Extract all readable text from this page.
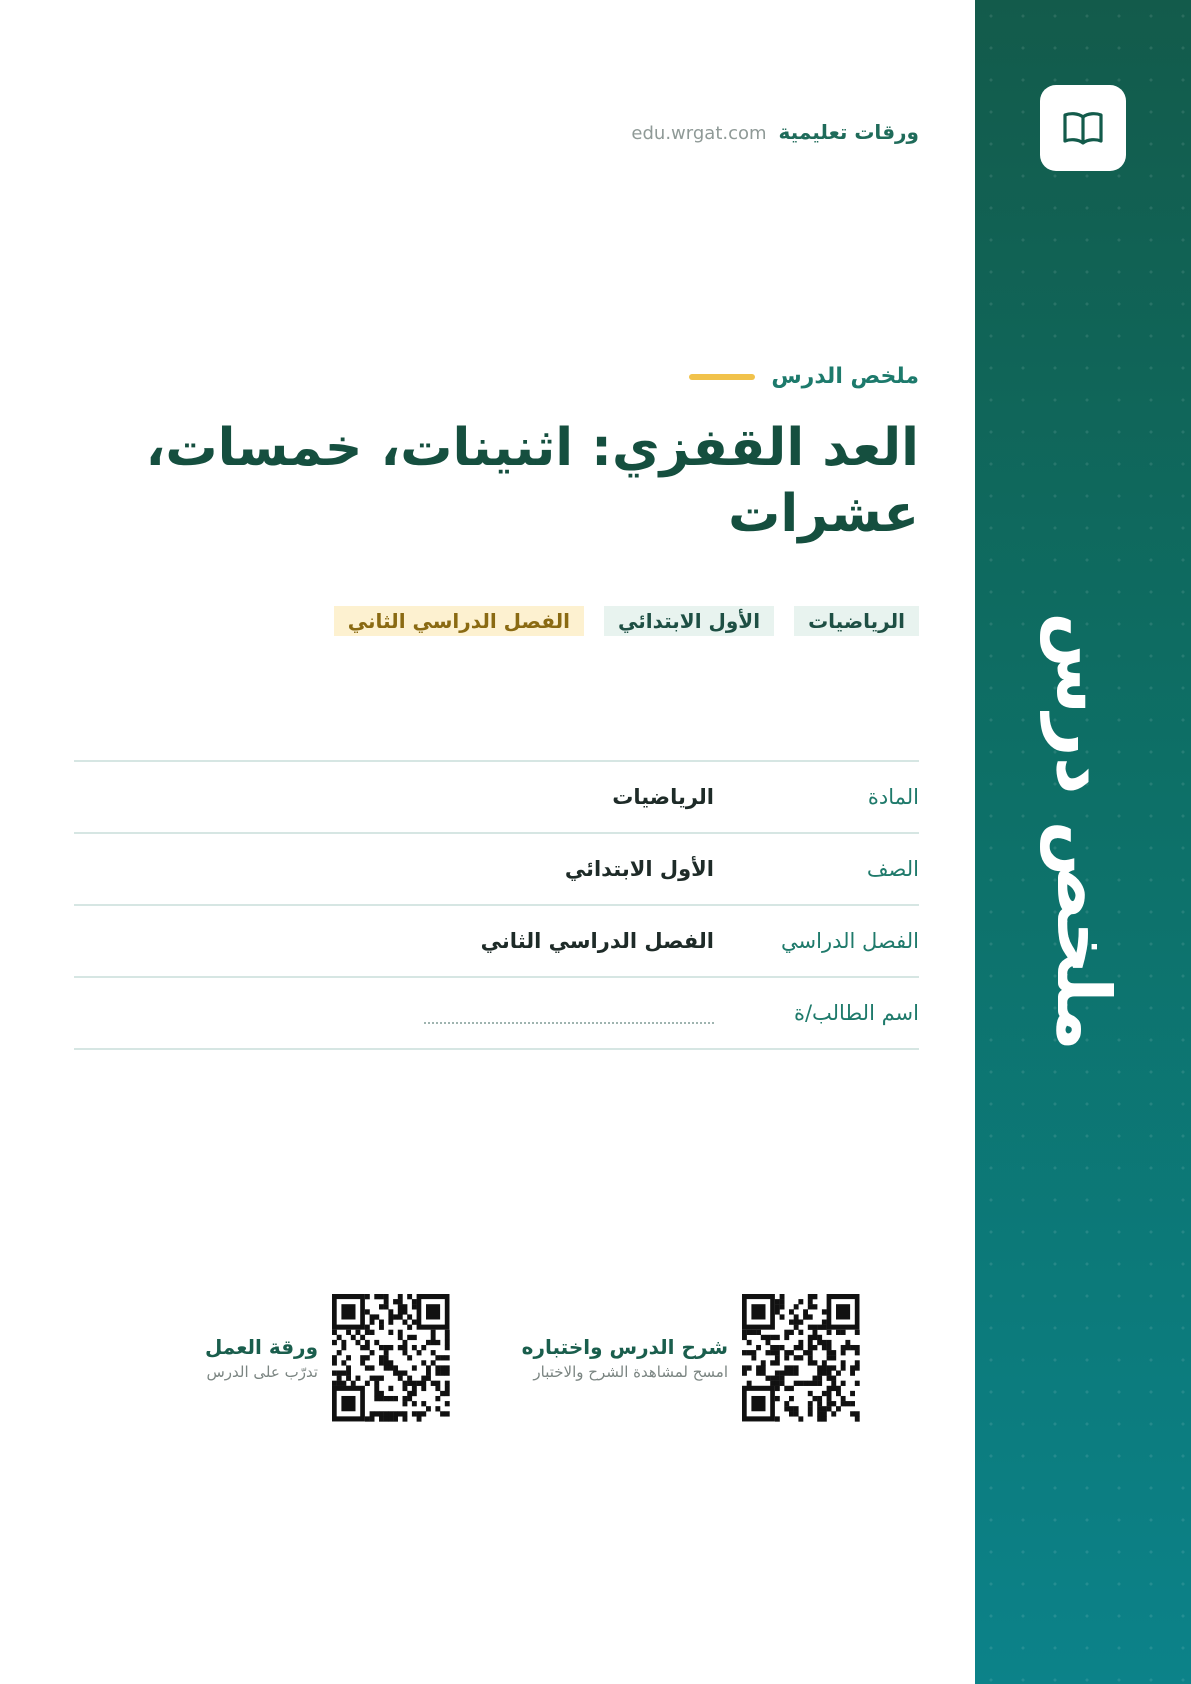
ورقات تعليمية
edu.wrgat.com
ملخص الدرس
العد القفزي: اثنينات، خمسات، عشرات
الرياضيات
الأول الابتدائي
الفصل الدراسي الثاني
المادة
الرياضيات
الصف
الأول الابتدائي
الفصل الدراسي
الفصل الدراسي الثاني
اسم الطالب/ة
شرح الدرس واختباره
امسح لمشاهدة الشرح والاختبار
ورقة العمل
تدرّب على الدرس
ملخص درس
